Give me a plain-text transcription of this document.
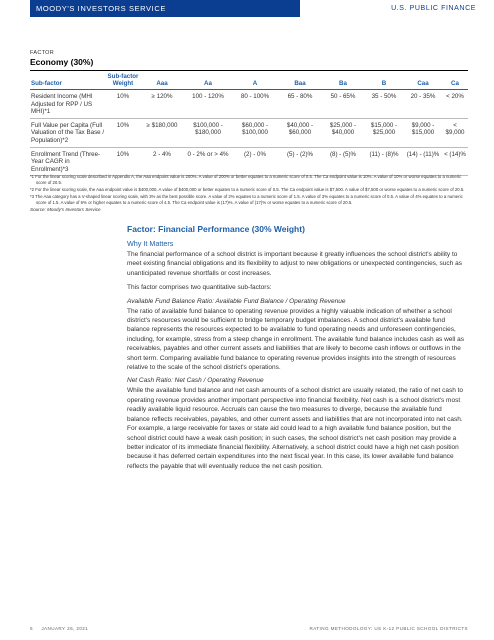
MOODY'S INVESTORS SERVICE	U.S. PUBLIC FINANCE
FACTOR
Economy (30%)
Sub-factor	Sub-factor Weight	Aaa	Aa	A	Baa	Ba	B	Caa	Ca
Resident Income (MHI Adjusted for RPP / US MHI)*1	10%	≥ 120%	100 - 120%	80 - 100%	65 - 80%	50 - 65%	35 - 50%	20 - 35%	< 20%
Full Value per Capita (Full Valuation of the Tax Base / Population)*2	10%	≥ $180,000	$100,000 - $180,000	$60,000 - $100,000	$40,000 - $60,000	$25,000 - $40,000	$15,000 - $25,000	$9,000 - $15,000	< $9,000
Enrollment Trend (Three-Year CAGR in Enrollment)*3	10%	2 - 4%	0 - 2% or > 4%	(2) - 0%	(5) - (2)%	(8) - (5)%	(11) - (8)%	(14) - (11)%	< (14)%

*1 For the linear scoring scale described in Appendix A, the Aaa endpoint value is 200%. A value of 200% or better equates to a numeric score of 0.5. The Ca endpoint value is 10%. A value of 10% or worse equates to a numeric score of 20.5.

*2 For the linear scoring scale, the Aaa endpoint value is $400,000. A value of $400,000 or better equates to a numeric score of 0.5. The Ca endpoint value is $7,500. A value of $7,500 or worse equates to a numeric score of 20.5.

*3 The Aaa category has a V-shaped linear scoring scale, with 3% as the best possible score. A value of 2% equates to a numeric score of 1.5. A value of 3% equates to a numeric score of 0.5. A value of 4% equates to a numeric score of 1.5. A value of 6% or higher equates to a numeric score of 4.5. The Ca endpoint value is (17)%. A value of (17)% or worse equates to a numeric score of 20.5.

Source: Moody's Investors Service
Factor: Financial Performance (30% Weight)
Why It Matters

The financial performance of a school district is important because it greatly influences the school district's ability to meet existing financial obligations and its flexibility to adjust to new obligations or unexpected contingencies, such as unanticipated revenue shortfalls or cost increases.

This factor comprises two quantitative sub-factors:

Available Fund Balance Ratio: Available Fund Balance / Operating Revenue

The ratio of available fund balance to operating revenue provides a highly valuable indication of whether a school district's resources would be sufficient to bridge temporary budget imbalances. A school district's available fund balance represents the resources expected to be available to fund operating needs and unforeseen contingencies, including, for example, stress from a steep change in enrollment. The available fund balance includes cash as well as receivables, payables and other current assets and liabilities that are likely to become cash inflows or outflows in the short term. Comparing available fund balance to operating revenue provides insights into the strength of resources relative to the scale of the school district's operations.

Net Cash Ratio: Net Cash / Operating Revenue

While the available fund balance and net cash amounts of a school district are usually related, the ratio of net cash to operating revenue provides another important perspective into financial flexibility. Net cash is a school district's most readily available liquid resource. Accruals can cause the two measures to diverge, because the available fund balance reflects receivables, payables, and other current assets and liabilities that are not incorporated into net cash. For example, a large receivable for taxes or state aid could lead to a high available fund balance position, but the school district could have a weak cash position; in such cases, the school district's net cash position may provide a better indicator of its immediate financial flexibility. Alternatively, a school district could have a high net cash position because it has deferred certain expenditures into the next fiscal year. In this case, its lower available fund balance reflects the payable that will eventually reduce the net cash position.

6 JANUARY 26, 2021	RATING METHODOLOGY: US K-12 PUBLIC SCHOOL DISTRICTS
